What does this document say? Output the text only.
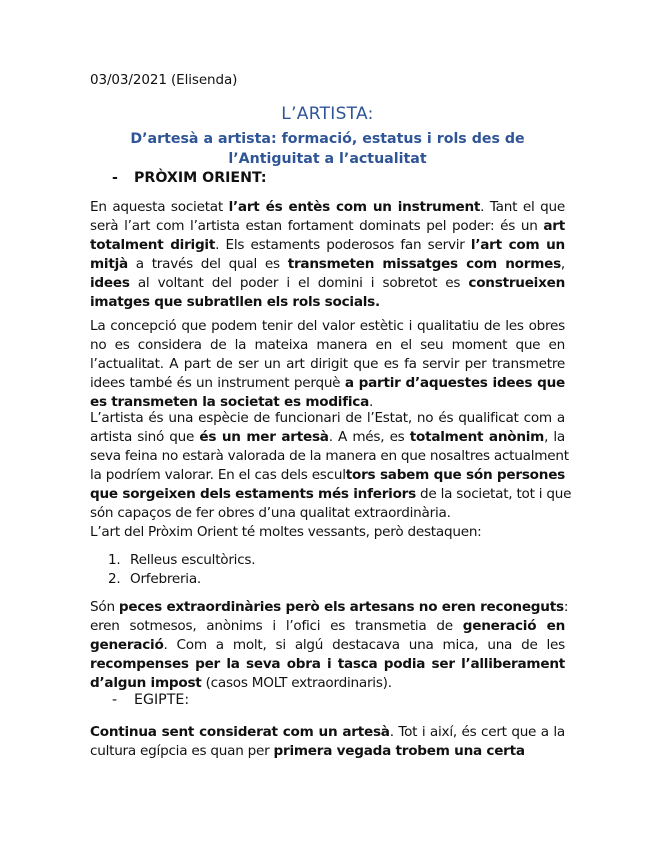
03/03/2021 (Elisenda)
L’ARTISTA:
D’artesà a artista: formació, estatus i rols des de
l’Antiguitat a l’actualitat
- PRÒXIM ORIENT:
En aquesta societat l’art és entès com un instrument. Tant el que
serà l’art com l’artista estan fortament dominats pel poder: és un art
totalment dirigit. Els estaments poderosos fan servir l’art com un
mitjà a través del qual es transmeten missatges com normes,
idees al voltant del poder i el domini i sobretot es construeixen
imatges que subratllen els rols socials.
La concepció que podem tenir del valor estètic i qualitatiu de les obres
no es considera de la mateixa manera en el seu moment que en
l’actualitat. A part de ser un art dirigit que es fa servir per transmetre
idees també és un instrument perquè a partir d’aquestes idees que
es transmeten la societat es modifica.
L’artista és una espècie de funcionari de l’Estat, no és qualificat com a
artista sinó que és un mer artesà. A més, es totalment anònim, la
seva feina no estarà valorada de la manera en que nosaltres actualment
la podríem valorar. En el cas dels escultors sabem que són persones
que sorgeixen dels estaments més inferiors de la societat, tot i que
són capaços de fer obres d’una qualitat extraordinària.
L’art del Pròxim Orient té moltes vessants, però destaquen:
1. Relleus escultòrics.
2. Orfebreria.
Són peces extraordinàries però els artesans no eren reconeguts:
eren sotmesos, anònims i l’ofici es transmetia de generació en
generació. Com a molt, si algú destacava una mica, una de les
recompenses per la seva obra i tasca podia ser l’alliberament
d’algun impost (casos MOLT extraordinaris).
- EGIPTE:
Continua sent considerat com un artesà. Tot i així, és cert que a la
cultura egípcia es quan per primera vegada trobem una certa
